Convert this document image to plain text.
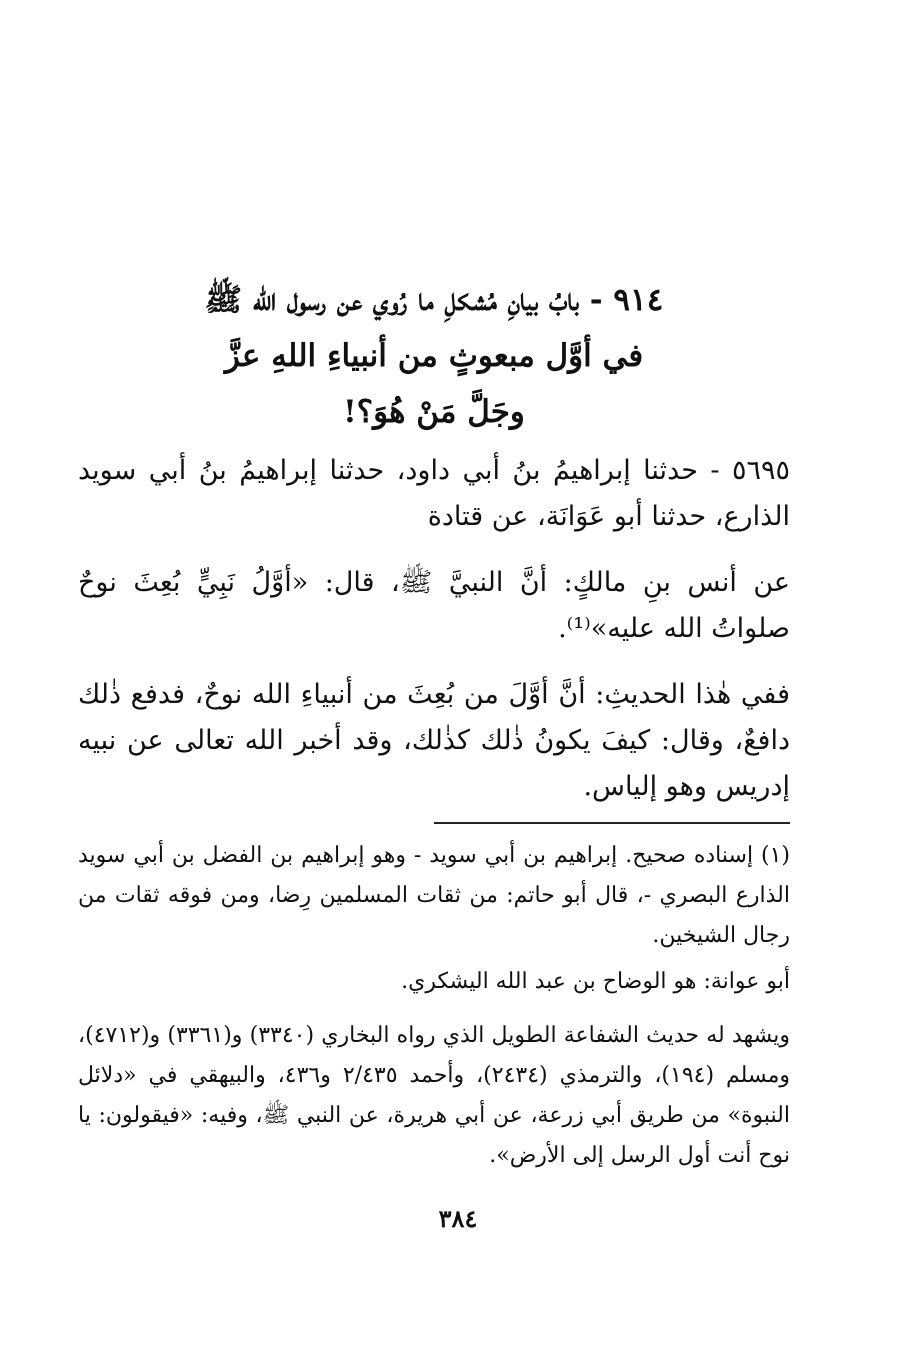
٩١٤ - بابُ بيانِ مُشكلِ ما رُوي عن رسول الله ﷺ
في أوَّل مبعوثٍ من أنبياءِ اللهِ عزَّ
وجَلَّ مَنْ هُوَ؟!

٥٦٩٥ - حدثنا إبراهيمُ بنُ أبي داود، حدثنا إبراهيمُ بنُ أبي سويد الذارع، حدثنا أبو عَوَانَة، عن قتادة

عن أنس بنِ مالكٍ: أنَّ النبيَّ ﷺ، قال: «أوَّلُ نَبِيٍّ بُعِثَ نوحٌ صلواتُ الله عليه»⁽¹⁾.

ففي هٰذا الحديثِ: أنَّ أوَّلَ من بُعِثَ من أنبياءِ الله نوحٌ، فدفع ذٰلك دافعٌ، وقال: كيفَ يكونُ ذٰلك كذٰلك، وقد أخبر الله تعالى عن نبيه إدريس وهو إلياس.

(١) إسناده صحيح. إبراهيم بن أبي سويد - وهو إبراهيم بن الفضل بن أبي سويد الذارع البصري -، قال أبو حاتم: من ثقات المسلمين رِضا، ومن فوقه ثقات من رجال الشيخين.

أبو عوانة: هو الوضاح بن عبد الله اليشكري.

ويشهد له حديث الشفاعة الطويل الذي رواه البخاري (٣٣٤٠) و(٣٣٦١) و(٤٧١٢)، ومسلم (١٩٤)، والترمذي (٢٤٣٤)، وأحمد ٢/٤٣٥ و٤٣٦، والبيهقي في «دلائل النبوة» من طريق أبي زرعة، عن أبي هريرة، عن النبي ﷺ، وفيه: «فيقولون: يا نوح أنت أول الرسل إلى الأرض».

٣٨٤
